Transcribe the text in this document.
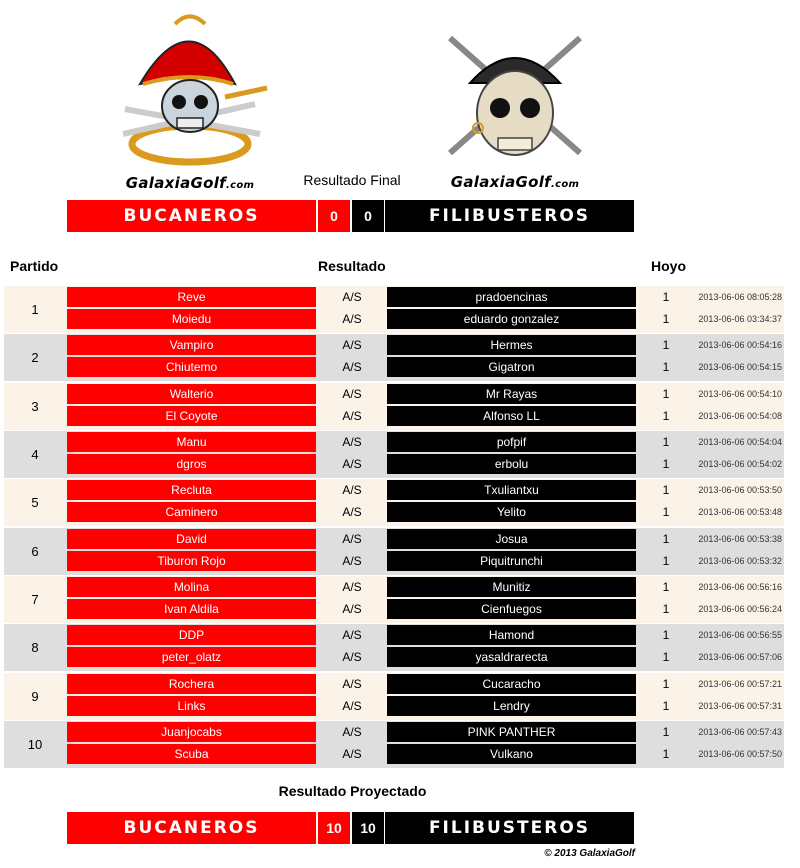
GalaxiaGolf.com	Resultado Final	GalaxiaGolf.com
BUCANEROS	0	0	FILIBUSTEROS
Partido	Resultado	Hoyo
1
Reve	A/S	pradoencinas	1	2013-06-06 08:05:28
Moiedu	A/S	eduardo gonzalez	1	2013-06-06 03:34:37
2
Vampiro	A/S	Hermes	1	2013-06-06 00:54:16
Chiutemo	A/S	Gigatron	1	2013-06-06 00:54:15
3
Walterio	A/S	Mr Rayas	1	2013-06-06 00:54:10
El Coyote	A/S	Alfonso LL	1	2013-06-06 00:54:08
4
Manu	A/S	pofpif	1	2013-06-06 00:54:04
dgros	A/S	erbolu	1	2013-06-06 00:54:02
5
Recluta	A/S	Txuliantxu	1	2013-06-06 00:53:50
Caminero	A/S	Yelito	1	2013-06-06 00:53:48
6
David	A/S	Josua	1	2013-06-06 00:53:38
Tiburon Rojo	A/S	Piquitrunchi	1	2013-06-06 00:53:32
7
Molina	A/S	Munitiz	1	2013-06-06 00:56:16
Ivan Aldila	A/S	Cienfuegos	1	2013-06-06 00:56:24
8
DDP	A/S	Hamond	1	2013-06-06 00:56:55
peter_olatz	A/S	yasaldrarecta	1	2013-06-06 00:57:06
9
Rochera	A/S	Cucaracho	1	2013-06-06 00:57:21
Links	A/S	Lendry	1	2013-06-06 00:57:31
10
Juanjocabs	A/S	PINK PANTHER	1	2013-06-06 00:57:43
Scuba	A/S	Vulkano	1	2013-06-06 00:57:50
Resultado Proyectado
BUCANEROS	10	10	FILIBUSTEROS
© 2013 GalaxiaGolf
